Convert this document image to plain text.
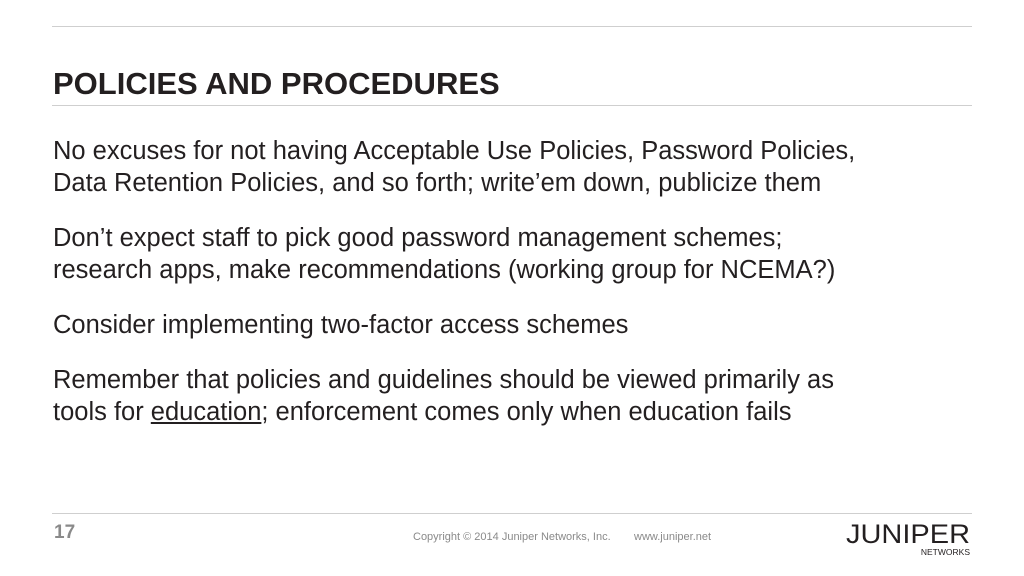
POLICIES AND PROCEDURES
No excuses for not having Acceptable Use Policies, Password Policies,
Data Retention Policies, and so forth; write’em down, publicize them
Don’t expect staff to pick good password management schemes;
research apps, make recommendations (working group for NCEMA?)
Consider implementing two-factor access schemes
Remember that policies and guidelines should be viewed primarily as
tools for education; enforcement comes only when education fails
17	Copyright © 2014 Juniper Networks, Inc. www.juniper.net	JUNIPER
NETWORKS
